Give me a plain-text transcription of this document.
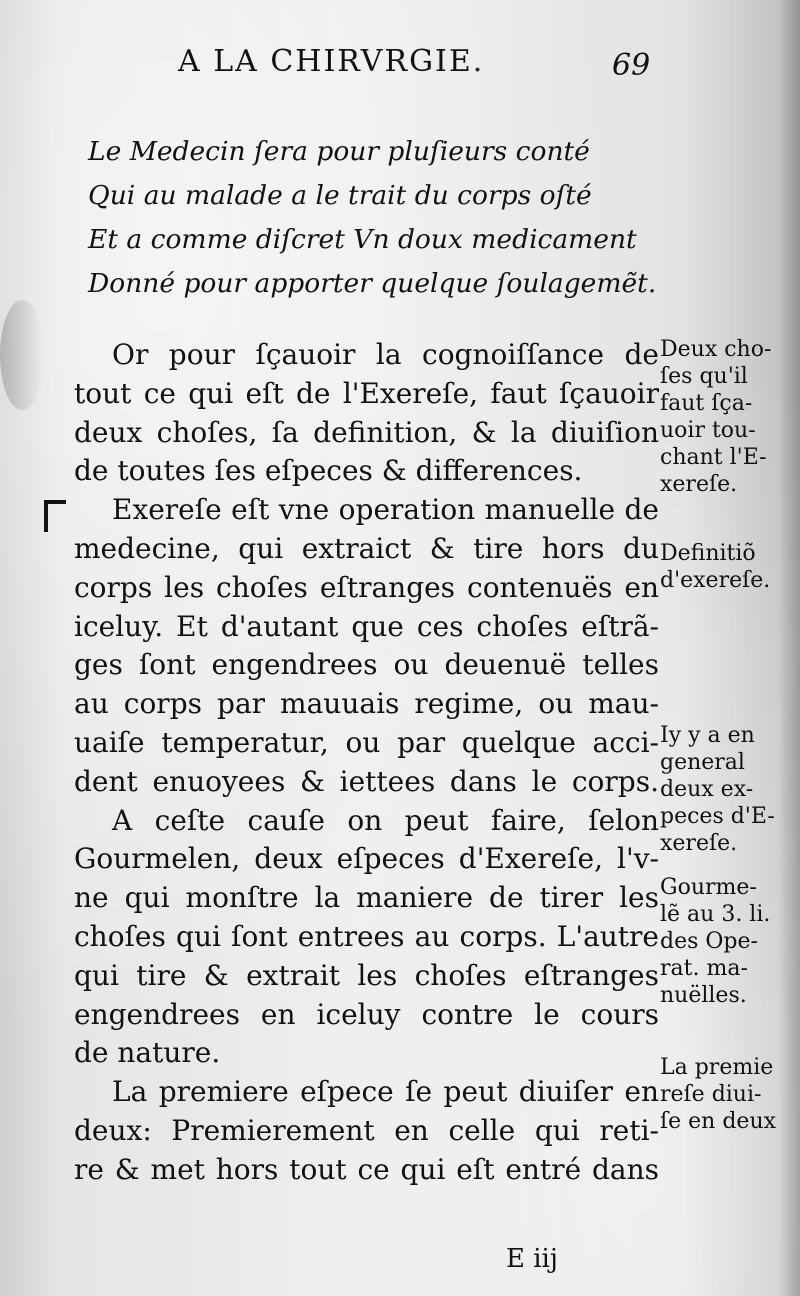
A LA CHIRVRGIE.	69
Le Medecin ſera pour pluſieurs conté
Qui au malade a le trait du corps oſté
Et a comme diſcret Vn doux medicament
Donné pour apporter quelque ſoulagemẽt.
Or pour ſçauoir la cognoiſſance de
tout ce qui eſt de l'Exereſe, faut ſçauoir
deux choſes, ſa definition, & la diuiſion
de toutes ſes eſpeces & differences.
Exereſe eſt vne operation manuelle de
medecine, qui extraict & tire hors du
corps les choſes eſtranges contenuës en
iceluy. Et d'autant que ces choſes eſtrã-
ges ſont engendrees ou deuenuë telles
au corps par mauuais regime, ou mau-
uaiſe temperatur, ou par quelque acci-
dent enuoyees & iettees dans le corps.
A ceſte cauſe on peut faire, ſelon
Gourmelen, deux eſpeces d'Exereſe, l'v-
ne qui monſtre la maniere de tirer les
choſes qui ſont entrees au corps. L'autre
qui tire & extrait les choſes eſtranges
engendrees en iceluy contre le cours
de nature.
La premiere eſpece ſe peut diuiſer en
deux: Premierement en celle qui reti-
re & met hors tout ce qui eſt entré dans
Deux cho-
ſes qu'il
faut ſça-
uoir tou-
chant l'E-
xereſe.
Definitiõ
d'exereſe.
Iy y a en
general
deux ex-
peces d'E-
xereſe.
Gourme-
lẽ au 3. li.
des Ope-
rat. ma-
nuëlles.
La premie
reſe diui-
ſe en deux
E iij
